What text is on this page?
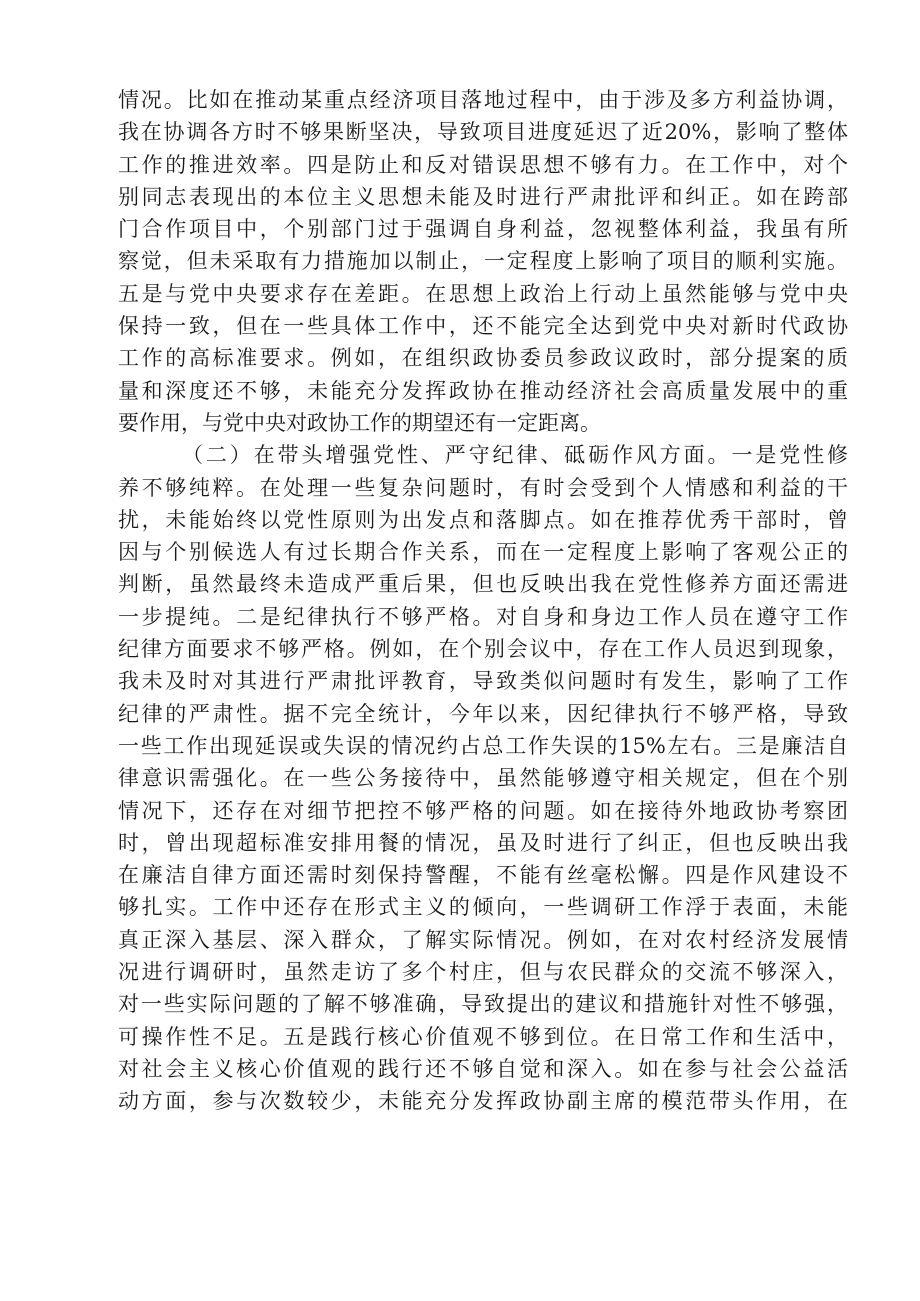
情况。比如在推动某重点经济项目落地过程中，由于涉及多方利益协调，
我在协调各方时不够果断坚决，导致项目进度延迟了近20%，影响了整体
工作的推进效率。四是防止和反对错误思想不够有力。在工作中，对个
别同志表现出的本位主义思想未能及时进行严肃批评和纠正。如在跨部
门合作项目中，个别部门过于强调自身利益，忽视整体利益，我虽有所
察觉，但未采取有力措施加以制止，一定程度上影响了项目的顺利实施。
五是与党中央要求存在差距。在思想上政治上行动上虽然能够与党中央
保持一致，但在一些具体工作中，还不能完全达到党中央对新时代政协
工作的高标准要求。例如，在组织政协委员参政议政时，部分提案的质
量和深度还不够，未能充分发挥政协在推动经济社会高质量发展中的重
要作用，与党中央对政协工作的期望还有一定距离。
（二）在带头增强党性、严守纪律、砥砺作风方面。一是党性修
养不够纯粹。在处理一些复杂问题时，有时会受到个人情感和利益的干
扰，未能始终以党性原则为出发点和落脚点。如在推荐优秀干部时，曾
因与个别候选人有过长期合作关系，而在一定程度上影响了客观公正的
判断，虽然最终未造成严重后果，但也反映出我在党性修养方面还需进
一步提纯。二是纪律执行不够严格。对自身和身边工作人员在遵守工作
纪律方面要求不够严格。例如，在个别会议中，存在工作人员迟到现象，
我未及时对其进行严肃批评教育，导致类似问题时有发生，影响了工作
纪律的严肃性。据不完全统计，今年以来，因纪律执行不够严格，导致
一些工作出现延误或失误的情况约占总工作失误的15%左右。三是廉洁自
律意识需强化。在一些公务接待中，虽然能够遵守相关规定，但在个别
情况下，还存在对细节把控不够严格的问题。如在接待外地政协考察团
时，曾出现超标准安排用餐的情况，虽及时进行了纠正，但也反映出我
在廉洁自律方面还需时刻保持警醒，不能有丝毫松懈。四是作风建设不
够扎实。工作中还存在形式主义的倾向，一些调研工作浮于表面，未能
真正深入基层、深入群众，了解实际情况。例如，在对农村经济发展情
况进行调研时，虽然走访了多个村庄，但与农民群众的交流不够深入，
对一些实际问题的了解不够准确，导致提出的建议和措施针对性不够强，
可操作性不足。五是践行核心价值观不够到位。在日常工作和生活中，
对社会主义核心价值观的践行还不够自觉和深入。如在参与社会公益活
动方面，参与次数较少，未能充分发挥政协副主席的模范带头作用，在
